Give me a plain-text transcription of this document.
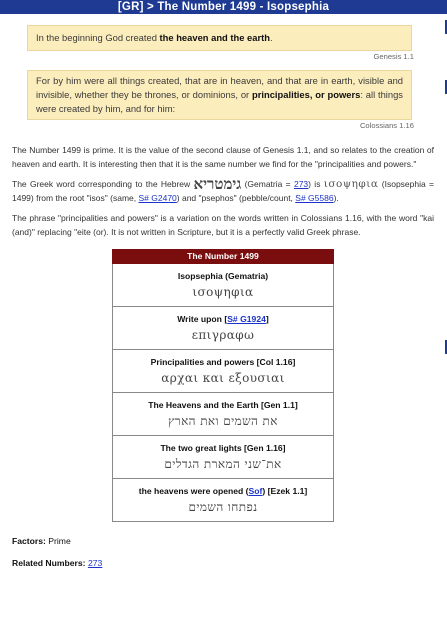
[GR] > The Number 1499 - Isopsephia
In the beginning God created the heaven and the earth.
Genesis 1.1
For by him were all things created, that are in heaven, and that are in earth, visible and invisible, whether they be thrones, or dominions, or principalities, or powers: all things were created by him, and for him:
Colossians 1.16
The Number 1499 is prime. It is the value of the second clause of Genesis 1.1, and so relates to the creation of heaven and earth. It is interesting then that it is the same number we find for the "principalities and powers."
The Greek word corresponding to the Hebrew גימטריא (Gematria = 273) is ισοψηφια (Isopsephia = 1499) from the root "isos" (same, S# G2470) and "psephos" (pebble/count, S# G5586).
The phrase "principalities and powers" is a variation on the words written in Colossians 1.16, with the word "kai (and)" replacing "eite (or). It is not written in Scripture, but it is a perfectly valid Greek phrase.
The Number 1499

Isopsephia (Gematria)
ισοψηφια

Write upon [S# G1924]
επιγραφω

Principalities and powers [Col 1.16]
αρχαι και εξουσιαι

The Heavens and the Earth [Gen 1.1]
את השמים ואת הארץ

The two great lights [Gen 1.16]
את־שני המארת הגדלים

the heavens were opened (Sof) [Ezek 1.1]
נפתחו השמים
Factors: Prime
Related Numbers: 273
